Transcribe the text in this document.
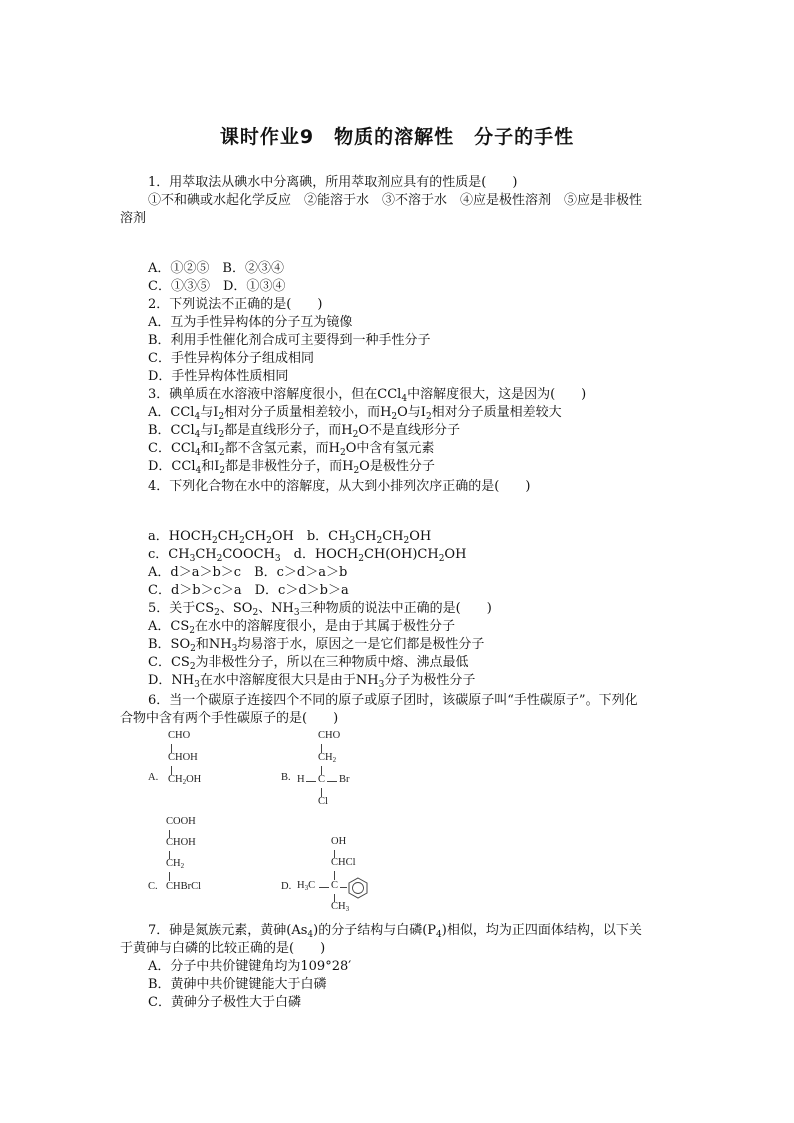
课时作业9　物质的溶解性　分子的手性
1．用萃取法从碘水中分离碘，所用萃取剂应具有的性质是(　　)
①不和碘或水起化学反应　②能溶于水　③不溶于水　④应是极性溶剂　⑤应是非极性
溶剂
A．①②⑤　B．②③④
C．①③⑤　D．①③④
2．下列说法不正确的是(　　)
A．互为手性异构体的分子互为镜像
B．利用手性催化剂合成可主要得到一种手性分子
C．手性异构体分子组成相同
D．手性异构体性质相同
3．碘单质在水溶液中溶解度很小，但在CCl$_4$中溶解度很大，这是因为(　　)
A．CCl$_4$与$I_2$相对分子质量相差较小，而$H_2O$与$I_2$相对分子质量相差较大
B．CCl$_4$与$I_2$都是直线形分子，而$H_2O$不是直线形分子
C．CCl$_4$和$I_2$都不含氢元素，而$H_2O$中含有氢元素
D．CCl$_4$和$I_2$都是非极性分子，而$H_2O$是极性分子
4．下列化合物在水中的溶解度，从大到小排列次序正确的是(　　)
a．$HOCH_2CH_2CH_2OH$　b．$CH_3CH_2CH_2OH$
c．$CH_3CH_2COOCH_3$　d．$HOCH_2CH(OH)CH_2OH$
A．d＞a＞b＞c　B．c＞d＞a＞b
C．d＞b＞c＞a　D．c＞d＞b＞a
5．关于$CS_2$、$SO_2$、$NH_3$三种物质的说法中正确的是(　　)
A．$CS_2$在水中的溶解度很小，是由于其属于极性分子
B．$SO_2$和$NH_3$均易溶于水，原因之一是它们都是极性分子
C．$CS_2$为非极性分子，所以在三种物质中熔、沸点最低
D．$NH_3$在水中溶解度很大只是由于$NH_3$分子为极性分子
6．当一个碳原子连接四个不同的原子或原子团时，该碳原子叫“手性碳原子”。下列化
合物中含有两个手性碳原子的是(　　)
A.
CHO
CHOH
CH2OH	B.
CHO
CH2
H C Br
Cl
C.
COOH
CHOH
CH2
CHBrCl	D.
OH
CHCl
H3C C
CH3
7．砷是氮族元素，黄砷$(As_4)$的分子结构与白磷$(P_4)$相似，均为正四面体结构，以下关
于黄砷与白磷的比较正确的是(　　)
A．分子中共价键键角均为109°28′
B．黄砷中共价键键能大于白磷
C．黄砷分子极性大于白磷
